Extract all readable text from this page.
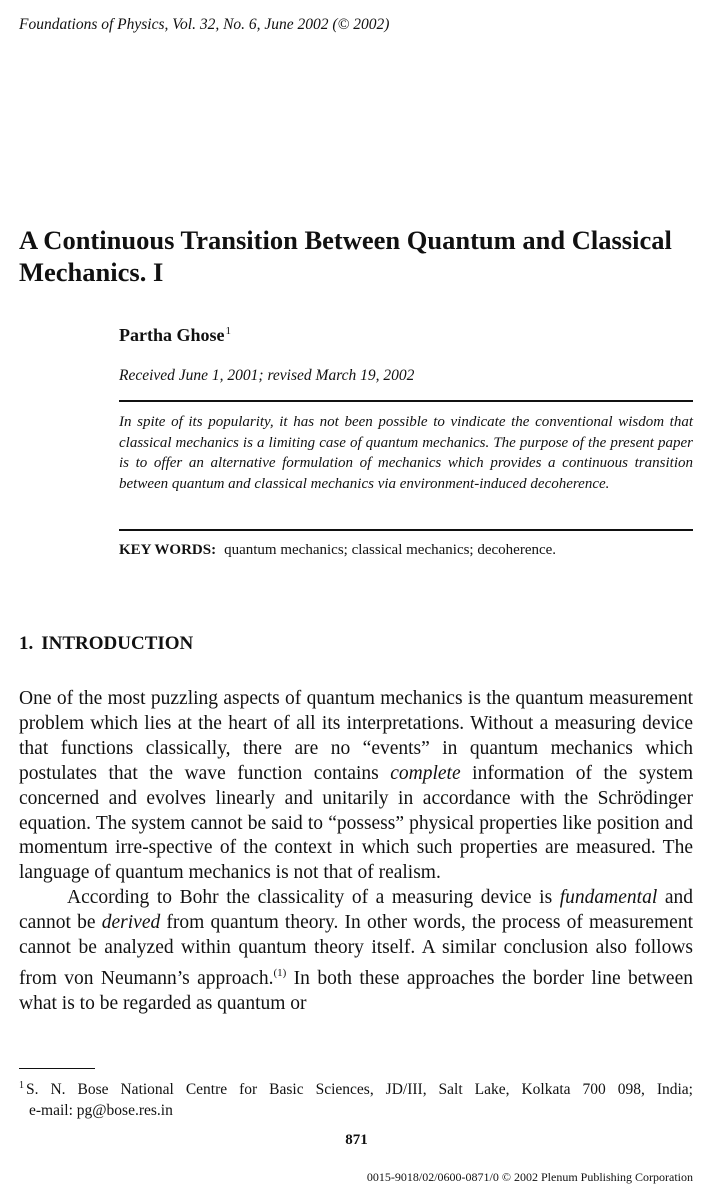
Foundations of Physics, Vol. 32, No. 6, June 2002 (© 2002)
A Continuous Transition Between Quantum and Classical Mechanics. I
Partha Ghose$^1$
Received June 1, 2001; revised March 19, 2002
In spite of its popularity, it has not been possible to vindicate the conventional wisdom that classical mechanics is a limiting case of quantum mechanics. The purpose of the present paper is to offer an alternative formulation of mechanics which provides a continuous transition between quantum and classical mechanics via environment-induced decoherence.
KEY WORDS: quantum mechanics; classical mechanics; decoherence.
1. INTRODUCTION

One of the most puzzling aspects of quantum mechanics is the quantum measurement problem which lies at the heart of all its interpretations. Without a measuring device that functions classically, there are no “events” in quantum mechanics which postulates that the wave function contains complete information of the system concerned and evolves linearly and unitarily in accordance with the Schrödinger equation. The system cannot be said to “possess” physical properties like position and momentum irre-spective of the context in which such properties are measured. The language of quantum mechanics is not that of realism.

According to Bohr the classicality of a measuring device is fundamental and cannot be derived from quantum theory. In other words, the process of measurement cannot be analyzed within quantum theory itself. A similar conclusion also follows from von Neumann’s approach.$^{(1)}$ In both these approaches the border line between what is to be regarded as quantum or

$^1$ S. N. Bose National Centre for Basic Sciences, JD/III, Salt Lake, Kolkata 700 098, India;
e-mail: pg@bose.res.in
871
0015-9018/02/0600-0871/0 © 2002 Plenum Publishing Corporation
